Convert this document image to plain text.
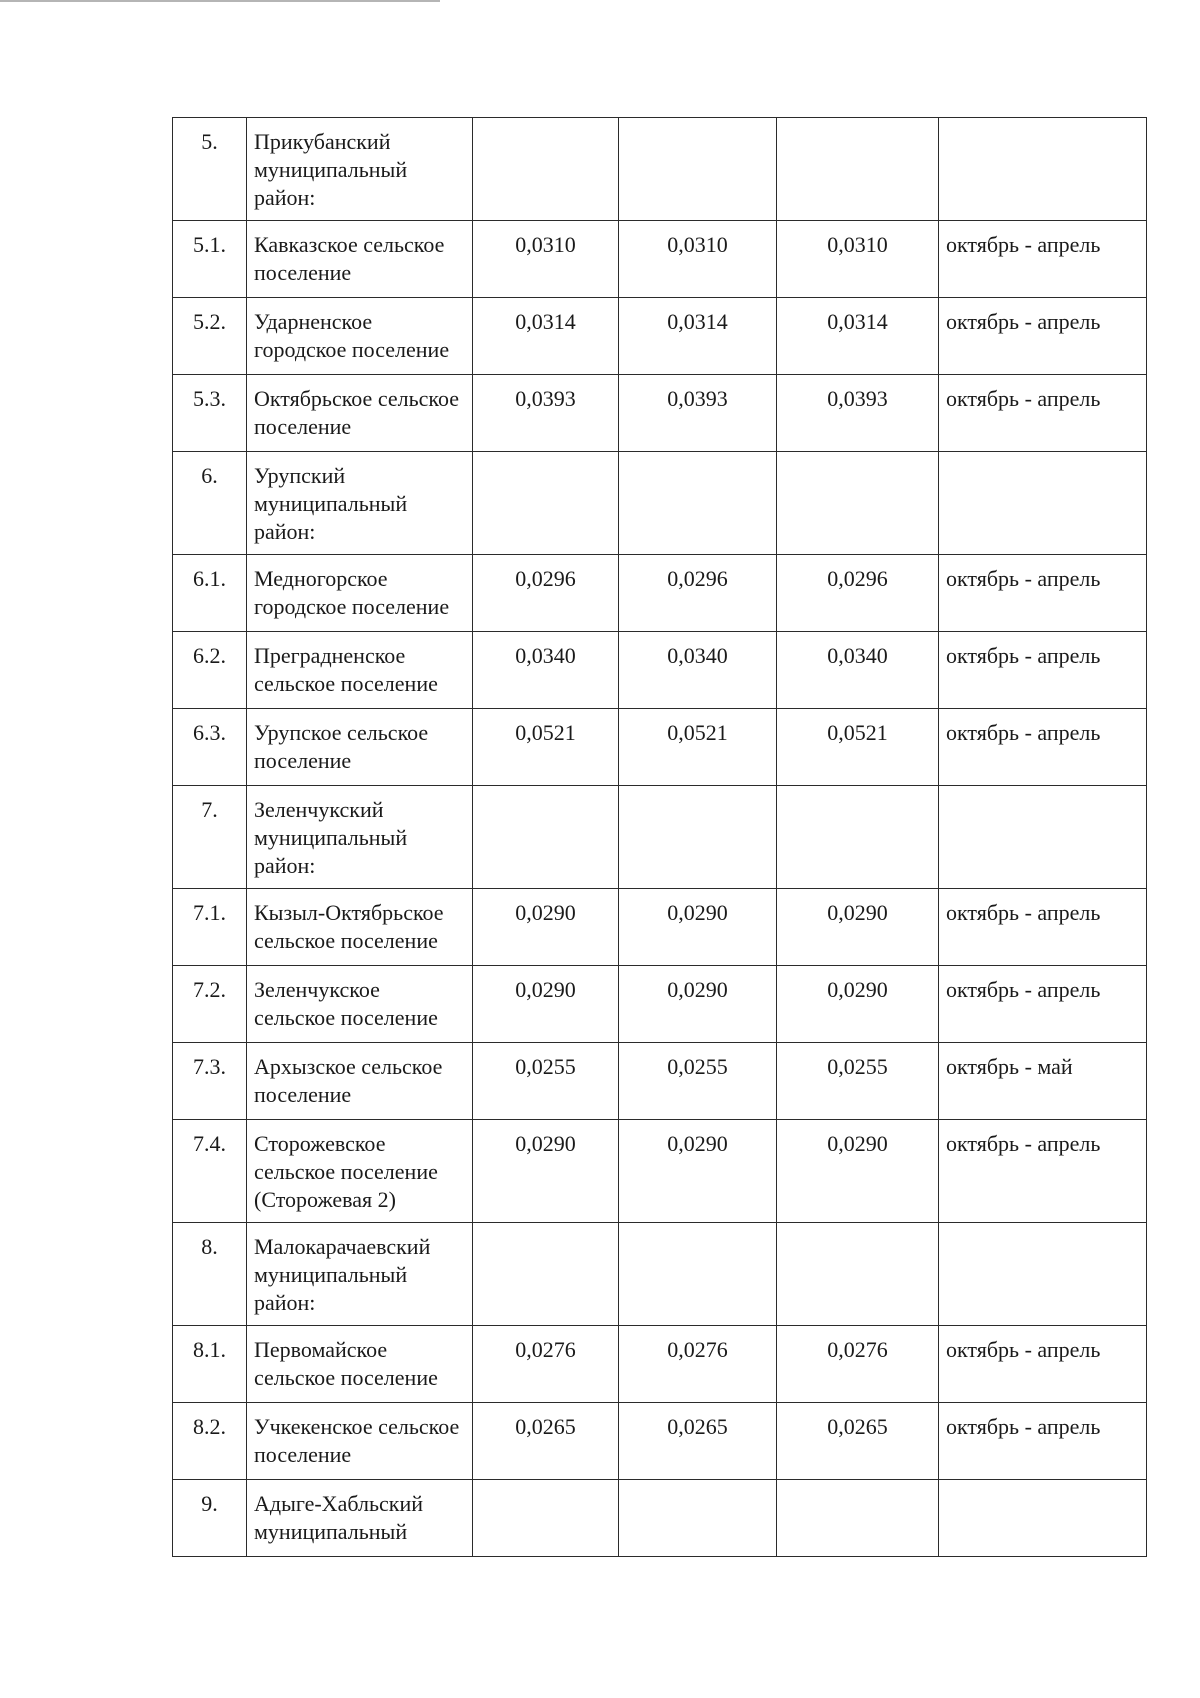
5.	Прикубанский муниципальный район:				
5.1.	Кавказское сельское поселение	0,0310	0,0310	0,0310	октябрь - апрель
5.2.	Ударненское городское поселение	0,0314	0,0314	0,0314	октябрь - апрель
5.3.	Октябрьское сельское поселение	0,0393	0,0393	0,0393	октябрь - апрель
6.	Урупский муниципальный район:				
6.1.	Медногорское городское поселение	0,0296	0,0296	0,0296	октябрь - апрель
6.2.	Преградненское сельское поселение	0,0340	0,0340	0,0340	октябрь - апрель
6.3.	Урупское сельское поселение	0,0521	0,0521	0,0521	октябрь - апрель
7.	Зеленчукский муниципальный район:				
7.1.	Кызыл-Октябрьское сельское поселение	0,0290	0,0290	0,0290	октябрь - апрель
7.2.	Зеленчукское сельское поселение	0,0290	0,0290	0,0290	октябрь - апрель
7.3.	Архызское сельское поселение	0,0255	0,0255	0,0255	октябрь - май
7.4.	Сторожевское сельское поселение (Сторожевая 2)	0,0290	0,0290	0,0290	октябрь - апрель
8.	Малокарачаевский муниципальный район:				
8.1.	Первомайское сельское поселение	0,0276	0,0276	0,0276	октябрь - апрель
8.2.	Учкекенское сельское поселение	0,0265	0,0265	0,0265	октябрь - апрель
9.	Адыге-Хабльский муниципальный				
